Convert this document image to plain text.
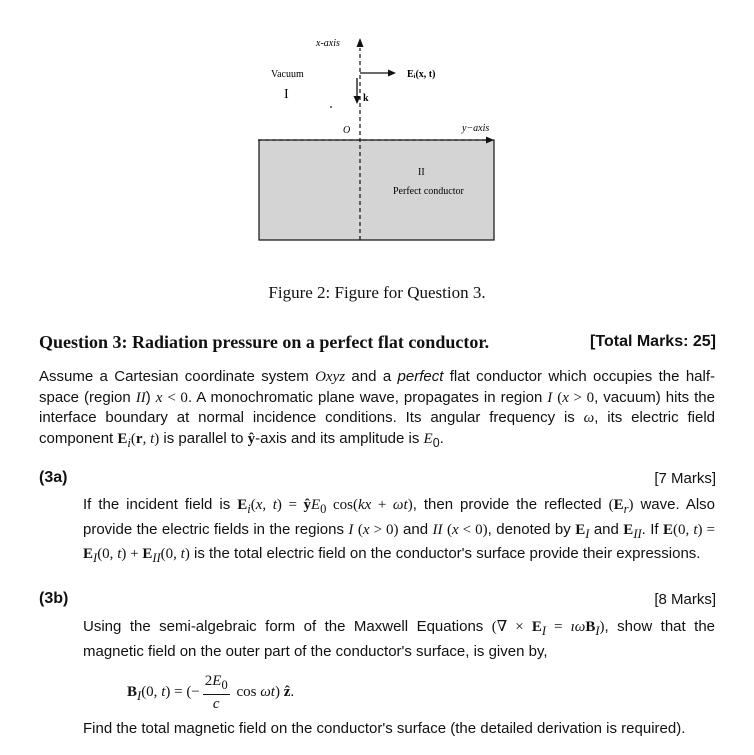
x-axis
Vacuum
I
Eᵢ(x, t)
k
O	y−axis
II
Perfect conductor
Figure 2: Figure for Question 3.
Question 3: Radiation pressure on a perfect flat conductor.	[Total Marks: 25]
Assume a Cartesian coordinate system Oxyz and a perfect flat conductor which occupies the half-space (region II) x < 0. A monochromatic plane wave, propagates in region I (x > 0, vacuum) hits the interface boundary at normal incidence conditions. Its angular frequency is ω, its electric field component $E_i(r$, t) is parallel to ŷ-axis and its amplitude is $E_0$.
(3a)	[7 Marks]
If the incident field is $E_i(x$, $t) = ŷE_0$ cos(kx + ωt), then provide the reflected $(E_r)$ wave. Also provide the electric fields in the regions I (x > 0) and II (x < 0), denoted by $E_I$ and $E_{II}$. If E(0, $t) = E_I(0$, $t) + E_{II}(0$, t) is the total electric field on the conductor's surface provide their expressions.
(3b)	[8 Marks]
Using the semi-algebraic form of the Maxwell Equations (∇ × $E_I$ = ıωB$_I$), show that the magnetic field on the outer part of the conductor's surface, is given by,
$B_I(0$, t) = (− $\frac{2E_0}{c}$ cos ωt) ẑ.
Find the total magnetic field on the conductor's surface (the detailed derivation is required).
